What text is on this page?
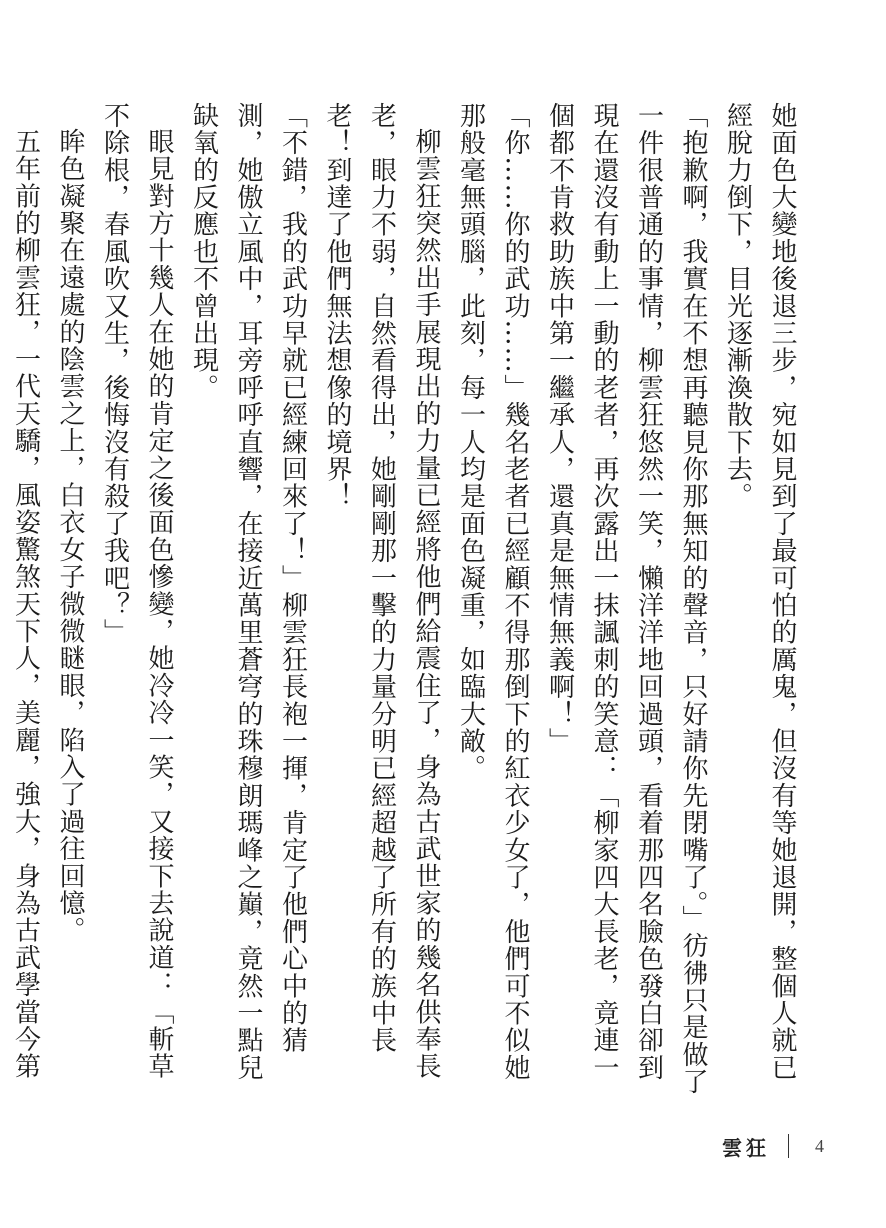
她面色大變地後退三步，宛如見到了最可怕的厲鬼，但沒有等她退開，整個人就已經脫力倒下，目光逐漸渙散下去。

「抱歉啊，我實在不想再聽見你那無知的聲音，只好請你先閉嘴了。」彷彿只是做了一件很普通的事情，柳雲狂悠然一笑，懶洋洋地回過頭，看着那四名臉色發白卻到現在還沒有動上一動的老者，再次露出一抹諷刺的笑意：「柳家四大長老，竟連一個都不肯救助族中第一繼承人，還真是無情無義啊！」

「你……你的武功……」幾名老者已經顧不得那倒下的紅衣少女了，他們可不似她那般毫無頭腦，此刻，每一人均是面色凝重，如臨大敵。

柳雲狂突然出手展現出的力量已經將他們給震住了，身為古武世家的幾名供奉長老，眼力不弱，自然看得出，她剛剛那一擊的力量分明已經超越了所有的族中長老！到達了他們無法想像的境界！

「不錯，我的武功早就已經練回來了！」柳雲狂長袍一揮，肯定了他們心中的猜測，她傲立風中，耳旁呼呼直響，在接近萬里蒼穹的珠穆朗瑪峰之巔，竟然一點兒缺氧的反應也不曾出現。

眼見對方十幾人在她的肯定之後面色慘變，她冷冷一笑，又接下去說道：「斬草不除根，春風吹又生，後悔沒有殺了我吧？」

眸色凝聚在遠處的陰雲之上，白衣女子微微瞇眼，陷入了過往回憶。

五年前的柳雲狂，一代天驕，風姿驚煞天下人，美麗，強大，身為古武學當今第

雲狂	4
